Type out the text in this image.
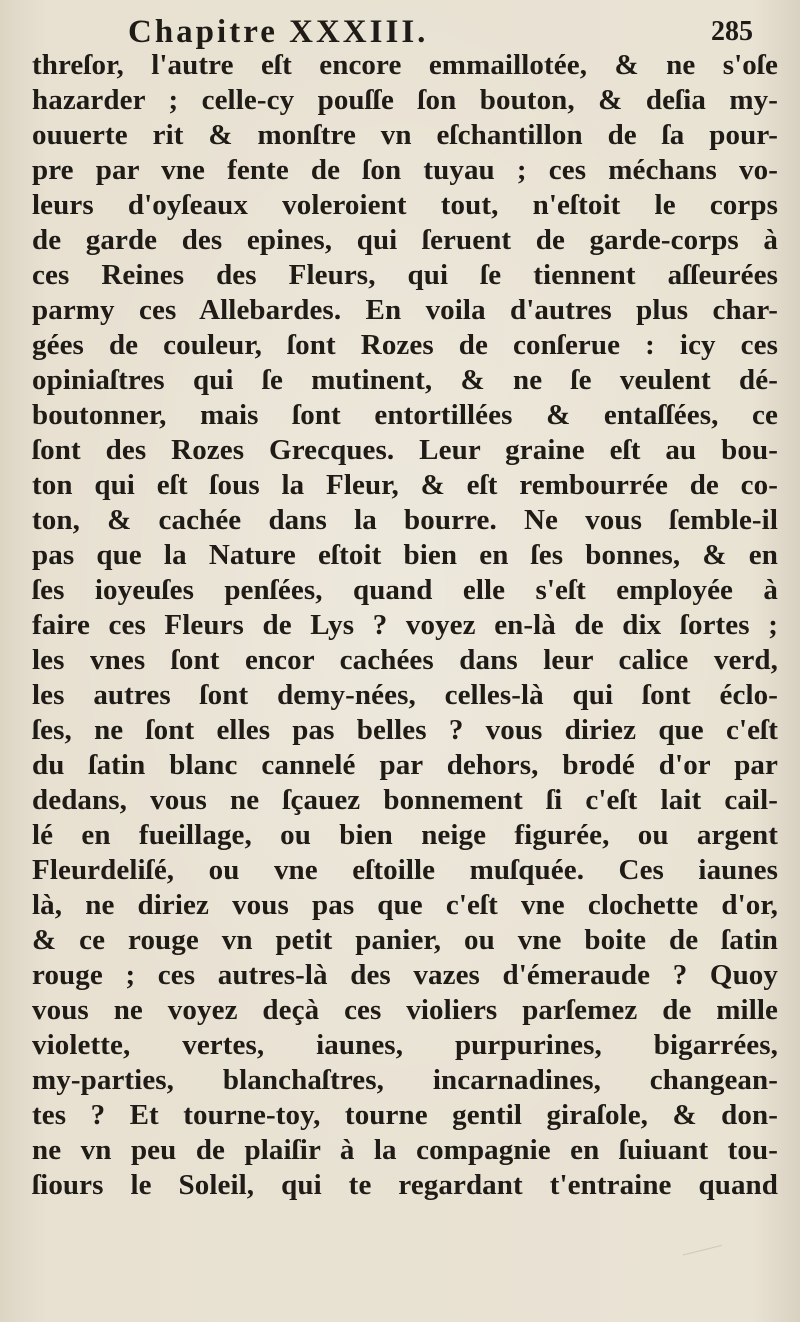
Chapitre XXXIII.	285
threſor, l'autre eſt encore emmaillotée, & ne s'oſe
hazarder ; celle-cy pouſſe ſon bouton, & deſia my-
ouuerte rit & monſtre vn eſchantillon de ſa pour-
pre par vne fente de ſon tuyau ; ces méchans vo-
leurs d'oyſeaux voleroient tout, n'eſtoit le corps
de garde des epines, qui ſeruent de garde-corps à
ces Reines des Fleurs, qui ſe tiennent aſſeurées
parmy ces Allebardes. En voila d'autres plus char-
gées de couleur, ſont Rozes de conſerue : icy ces
opiniaſtres qui ſe mutinent, & ne ſe veulent dé-
boutonner, mais ſont entortillées & entaſſées, ce
ſont des Rozes Grecques. Leur graine eſt au bou-
ton qui eſt ſous la Fleur, & eſt rembourrée de co-
ton, & cachée dans la bourre. Ne vous ſemble-il
pas que la Nature eſtoit bien en ſes bonnes, & en
ſes ioyeuſes penſées, quand elle s'eſt employée à
faire ces Fleurs de Lys ? voyez en-là de dix ſortes ;
les vnes ſont encor cachées dans leur calice verd,
les autres ſont demy-nées, celles-là qui ſont éclo-
ſes, ne ſont elles pas belles ? vous diriez que c'eſt
du ſatin blanc cannelé par dehors, brodé d'or par
dedans, vous ne ſçauez bonnement ſi c'eſt lait cail-
lé en fueillage, ou bien neige figurée, ou argent
Fleurdeliſé, ou vne eſtoille muſquée. Ces iaunes
là, ne diriez vous pas que c'eſt vne clochette d'or,
& ce rouge vn petit panier, ou vne boite de ſatin
rouge ; ces autres-là des vazes d'émeraude ? Quoy
vous ne voyez deçà ces violiers parſemez de mille
violette, vertes, iaunes, purpurines, bigarrées,
my-parties, blanchaſtres, incarnadines, changean-
tes ? Et tourne-toy, tourne gentil giraſole, & don-
ne vn peu de plaiſir à la compagnie en ſuiuant tou-
ſiours le Soleil, qui te regardant t'entraine quand
